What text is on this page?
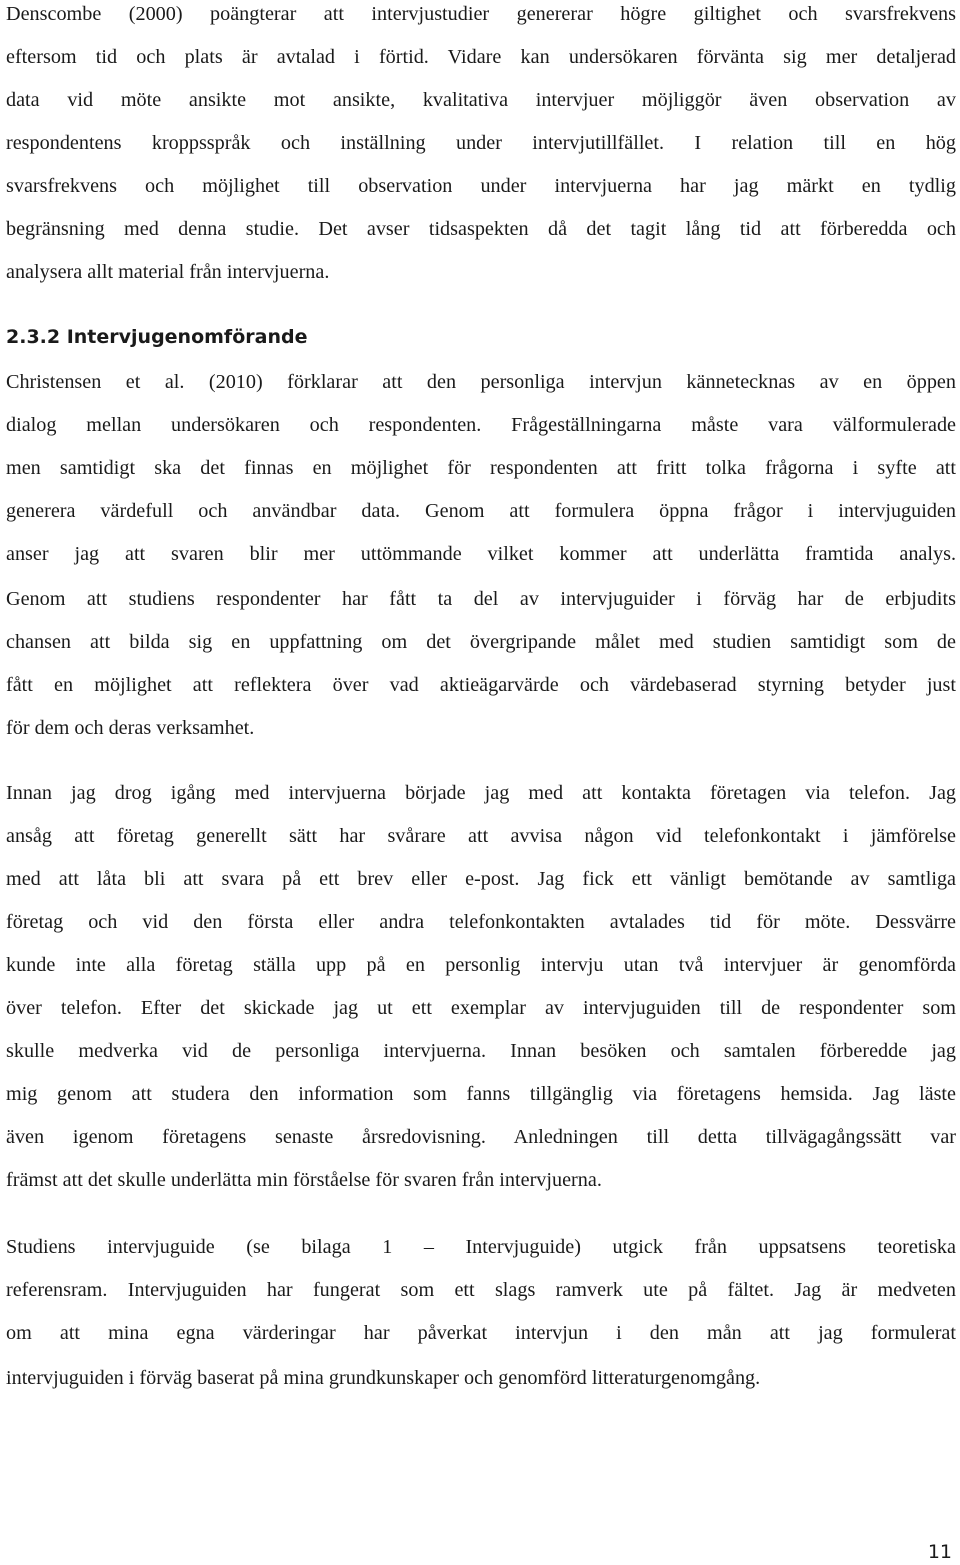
Denscombe (2000) poängterar att intervjustudier genererar högre giltighet och svarsfrekvens
eftersom tid och plats är avtalad i förtid. Vidare kan undersökaren förvänta sig mer detaljerad
data vid möte ansikte mot ansikte, kvalitativa intervjuer möjliggör även observation av
respondentens kroppsspråk och inställning under intervjutillfället. I relation till en hög
svarsfrekvens och möjlighet till observation under intervjuerna har jag märkt en tydlig
begränsning med denna studie. Det avser tidsaspekten då det tagit lång tid att förberedda och
analysera allt material från intervjuerna.
2.3.2 Intervjugenomförande
Christensen et al. (2010) förklarar att den personliga intervjun kännetecknas av en öppen
dialog mellan undersökaren och respondenten. Frågeställningarna måste vara välformulerade
men samtidigt ska det finnas en möjlighet för respondenten att fritt tolka frågorna i syfte att
generera värdefull och användbar data. Genom att formulera öppna frågor i intervjuguiden
anser jag att svaren blir mer uttömmande vilket kommer att underlätta framtida analys.
Genom att studiens respondenter har fått ta del av intervjuguider i förväg har de erbjudits
chansen att bilda sig en uppfattning om det övergripande målet med studien samtidigt som de
fått en möjlighet att reflektera över vad aktieägarvärde och värdebaserad styrning betyder just
för dem och deras verksamhet.
Innan jag drog igång med intervjuerna började jag med att kontakta företagen via telefon. Jag
ansåg att företag generellt sätt har svårare att avvisa någon vid telefonkontakt i jämförelse
med att låta bli att svara på ett brev eller e-post. Jag fick ett vänligt bemötande av samtliga
företag och vid den första eller andra telefonkontakten avtalades tid för möte. Dessvärre
kunde inte alla företag ställa upp på en personlig intervju utan två intervjuer är genomförda
över telefon. Efter det skickade jag ut ett exemplar av intervjuguiden till de respondenter som
skulle medverka vid de personliga intervjuerna. Innan besöken och samtalen förberedde jag
mig genom att studera den information som fanns tillgänglig via företagens hemsida. Jag läste
även igenom företagens senaste årsredovisning. Anledningen till detta tillvägagångssätt var
främst att det skulle underlätta min förståelse för svaren från intervjuerna.
Studiens intervjuguide (se bilaga 1 – Intervjuguide) utgick från uppsatsens teoretiska
referensram. Intervjuguiden har fungerat som ett slags ramverk ute på fältet. Jag är medveten
om att mina egna värderingar har påverkat intervjun i den mån att jag formulerat
intervjuguiden i förväg baserat på mina grundkunskaper och genomförd litteraturgenomgång.
11
